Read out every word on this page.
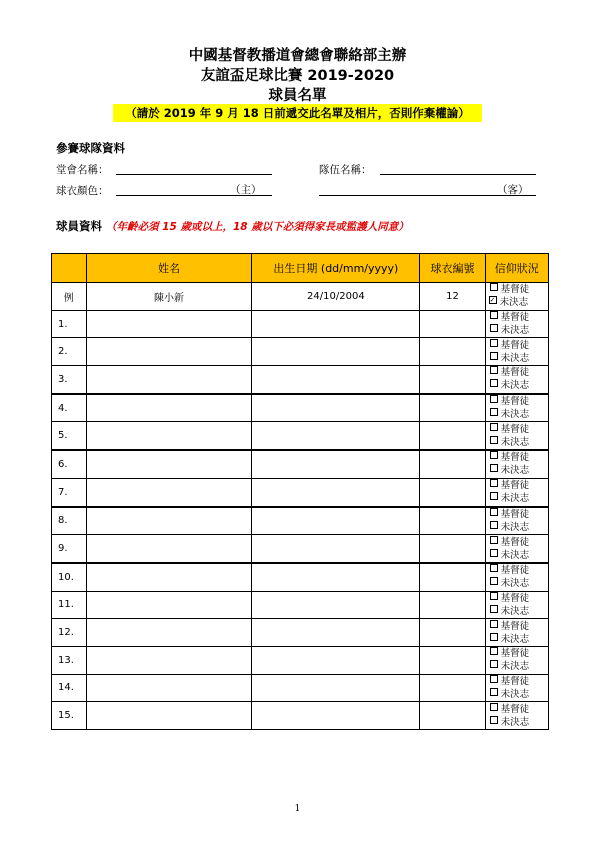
中國基督教播道會總會聯絡部主辦
友誼盃足球比賽 2019-2020
球員名單
（請於 2019 年 9 月 18 日前遞交此名單及相片，否則作棄權論）
參賽球隊資料
堂會名稱：	隊伍名稱：
球衣顏色：	（主）	（客）
球員資料 （年齡必須 15 歲或以上，18 歲以下必須得家長或監護人同意）
	姓名	出生日期 (dd/mm/yyyy)	球衣編號	信仰狀況
例	陳小新	24/10/2004	12	基督徒
✓未決志

1.				基督徒
未決志

2.				基督徒
未決志

3.				基督徒
未決志

4.				基督徒
未決志

5.				基督徒
未決志

6.				基督徒
未決志

7.				基督徒
未決志

8.				基督徒
未決志

9.				基督徒
未決志

10.				基督徒
未決志

11.				基督徒
未決志

12.				基督徒
未決志

13.				基督徒
未決志

14.				基督徒
未決志

15.				基督徒
未決志
1
